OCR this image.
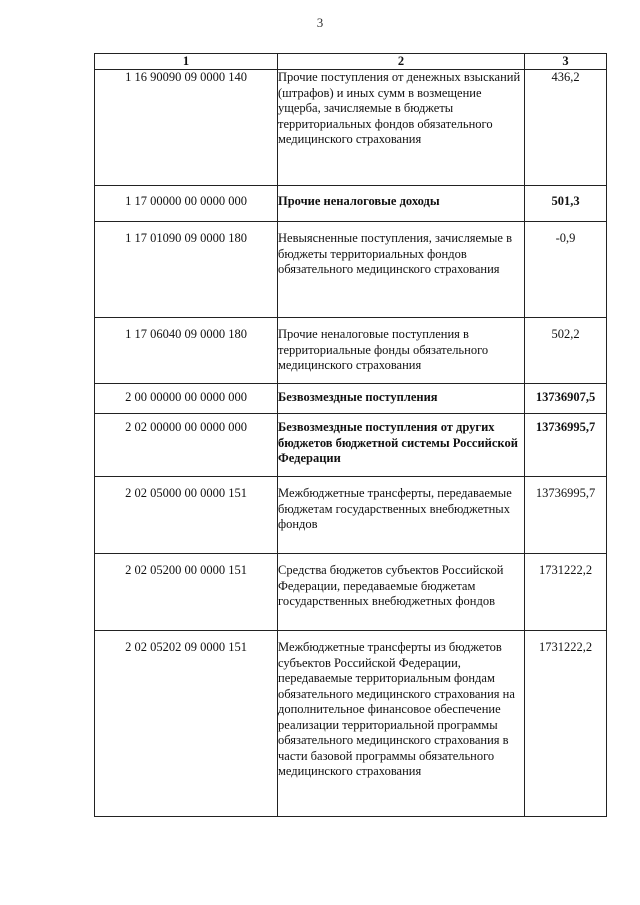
3
1	2	3
1 16 90090 09 0000 140	Прочие поступления от денежных взысканий (штрафов) и иных сумм в возмещение ущерба, зачисляемые в бюджеты территориальных фондов обязательного медицинского страхования	436,2
1 17 00000 00 0000 000	Прочие неналоговые доходы	501,3
1 17 01090 09 0000 180	Невыясненные поступления, зачисляемые в бюджеты территориальных фондов обязательного медицинского страхования	-0,9
1 17 06040 09 0000 180	Прочие неналоговые поступления в территориальные фонды обязательного медицинского страхования	502,2
2 00 00000 00 0000 000	Безвозмездные поступления	13736907,5
2 02 00000 00 0000 000	Безвозмездные поступления от других бюджетов бюджетной системы Российской Федерации	13736995,7
2 02 05000 00 0000 151	Межбюджетные трансферты, передаваемые бюджетам государственных внебюджетных фондов	13736995,7
2 02 05200 00 0000 151	Средства бюджетов субъектов Российской Федерации, передаваемые бюджетам государственных внебюджетных фондов	1731222,2
2 02 05202 09 0000 151	Межбюджетные трансферты из бюджетов субъектов Российской Федерации, передаваемые территориальным фондам обязательного медицинского страхования на дополнительное финансовое обеспечение реализации территориальной программы обязательного медицинского страхования в части базовой программы обязательного медицинского страхования	1731222,2
